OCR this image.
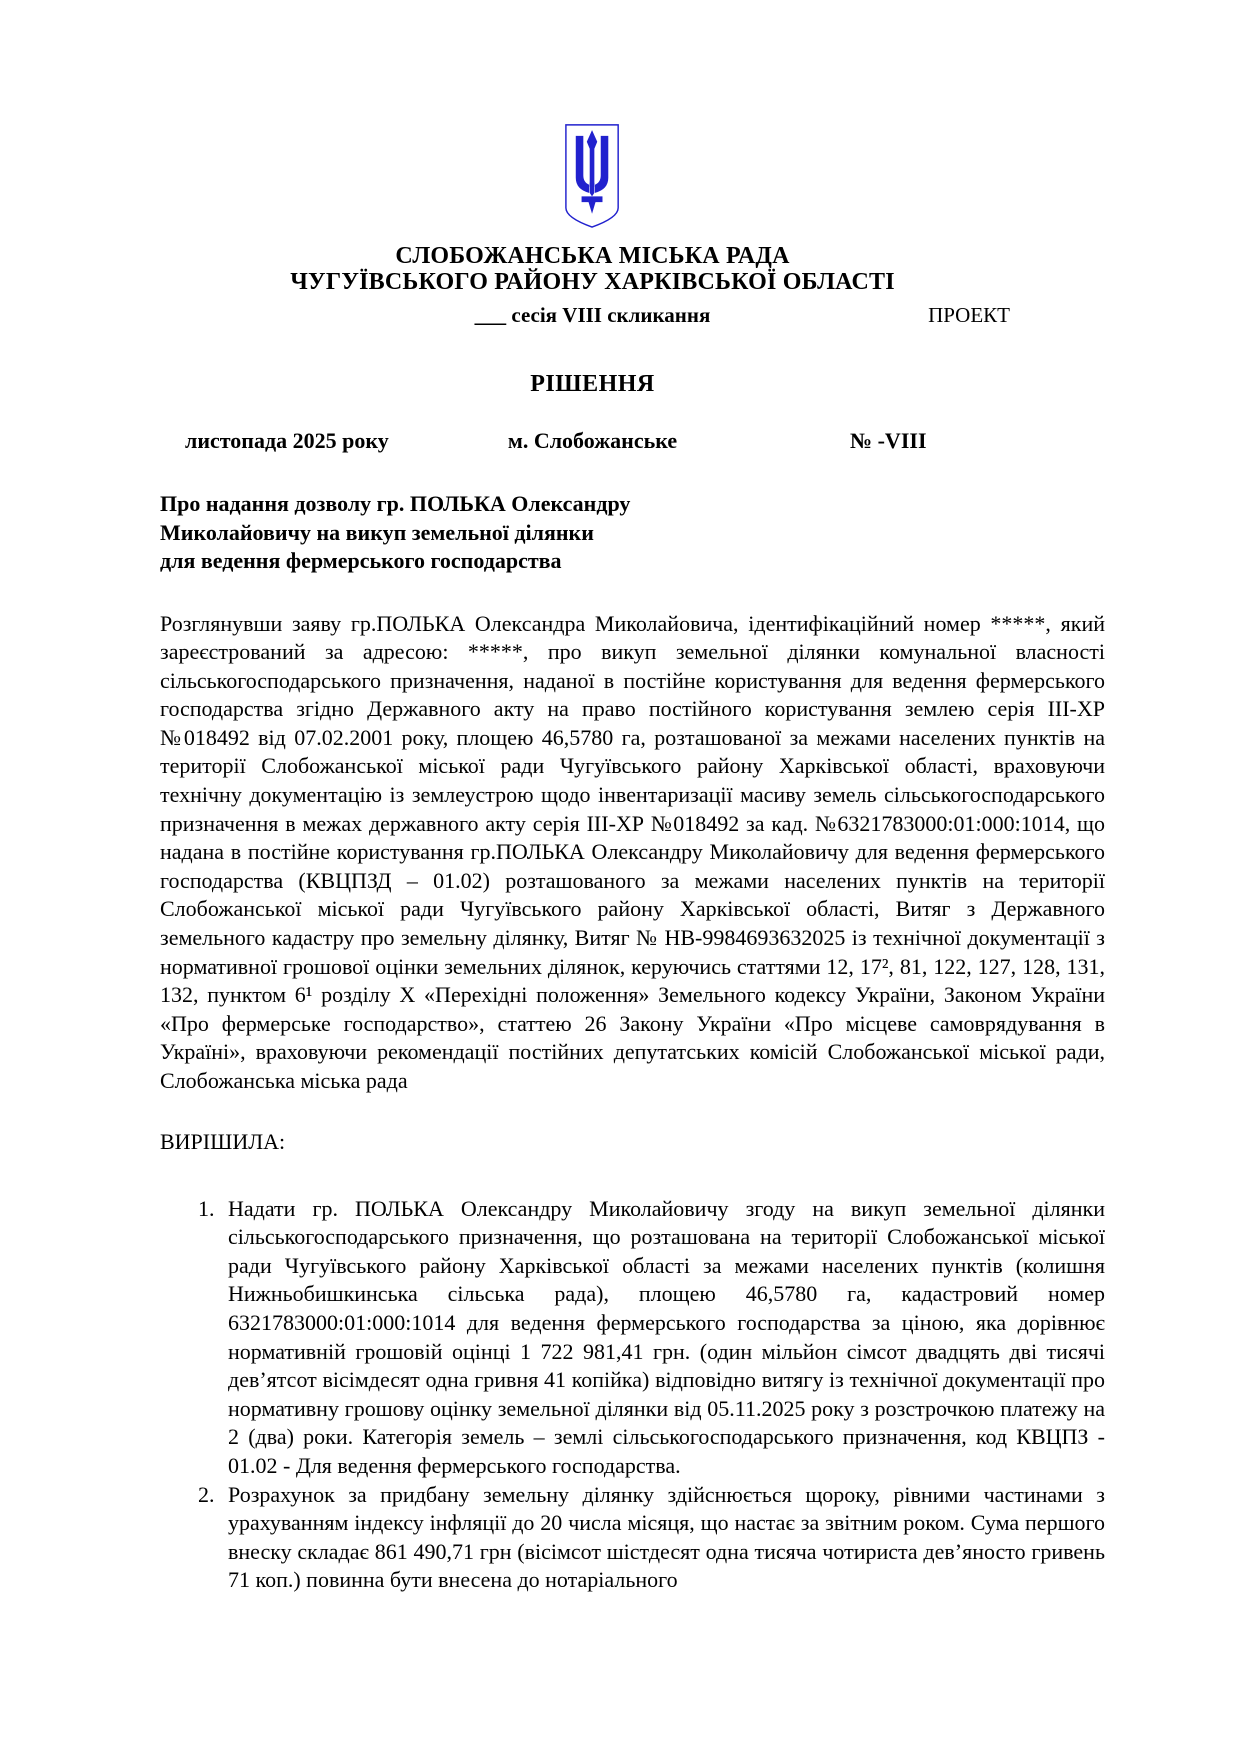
СЛОБОЖАНСЬКА МІСЬКА РАДА
ЧУГУЇВСЬКОГО РАЙОНУ ХАРКІВСЬКОЇ ОБЛАСТІ
___ сесія VIII скликання	ПРОЕКТ
РІШЕННЯ
листопада 2025 року	м. Слобожанське	№ -VIII
Про надання дозволу гр. ПОЛЬКА Олександру
Миколайовичу на викуп земельної ділянки
для ведення фермерського господарства

Розглянувши заяву гр.ПОЛЬКА Олександра Миколайовича, ідентифікаційний номер *****, який зареєстрований за адресою: *****, про викуп земельної ділянки комунальної власності сільськогосподарського призначення, наданої в постійне користування для ведення фермерського господарства згідно Державного акту на право постійного користування землею серія ІІІ-ХР №018492 від 07.02.2001 року, площею 46,5780 га, розташованої за межами населених пунктів на території Слобожанської міської ради Чугуївського району Харківської області, враховуючи технічну документацію із землеустрою щодо інвентаризації масиву земель сільськогосподарського призначення в межах державного акту серія ІІІ-ХР №018492 за кад. №6321783000:01:000:1014, що надана в постійне користування гр.ПОЛЬКА Олександру Миколайовичу для ведення фермерського господарства (КВЦПЗД – 01.02) розташованого за межами населених пунктів на території Слобожанської міської ради Чугуївського району Харківської області, Витяг з Державного земельного кадастру про земельну ділянку, Витяг № НВ-9984693632025 із технічної документації з нормативної грошової оцінки земельних ділянок, керуючись статтями 12, 17², 81, 122, 127, 128, 131, 132, пунктом 6¹ розділу Х «Перехідні положення» Земельного кодексу України, Законом України «Про фермерське господарство», статтею 26 Закону України «Про місцеве самоврядування в Україні», враховуючи рекомендації постійних депутатських комісій Слобожанської міської ради, Слобожанська міська рада

ВИРІШИЛА:
1. Надати гр. ПОЛЬКА Олександру Миколайовичу згоду на викуп земельної ділянки сільськогосподарського призначення, що розташована на території Слобожанської міської ради Чугуївського району Харківської області за межами населених пунктів (колишня Нижньобишкинська сільська рада), площею 46,5780 га, кадастровий номер 6321783000:01:000:1014 для ведення фермерського господарства за ціною, яка дорівнює нормативній грошовій оцінці 1 722 981,41 грн. (один мільйон сімсот двадцять дві тисячі дев’ятсот вісімдесят одна гривня 41 копійка) відповідно витягу із технічної документації про нормативну грошову оцінку земельної ділянки від 05.11.2025 року з розстрочкою платежу на 2 (два) роки. Категорія земель – землі сільськогосподарського призначення, код КВЦПЗ - 01.02 - Для ведення фермерського господарства.
2. Розрахунок за придбану земельну ділянку здійснюється щороку, рівними частинами з урахуванням індексу інфляції до 20 числа місяця, що настає за звітним роком. Сума першого внеску складає 861 490,71 грн (вісімсот шістдесят одна тисяча чотириста дев’яносто гривень 71 коп.) повинна бути внесена до нотаріального
